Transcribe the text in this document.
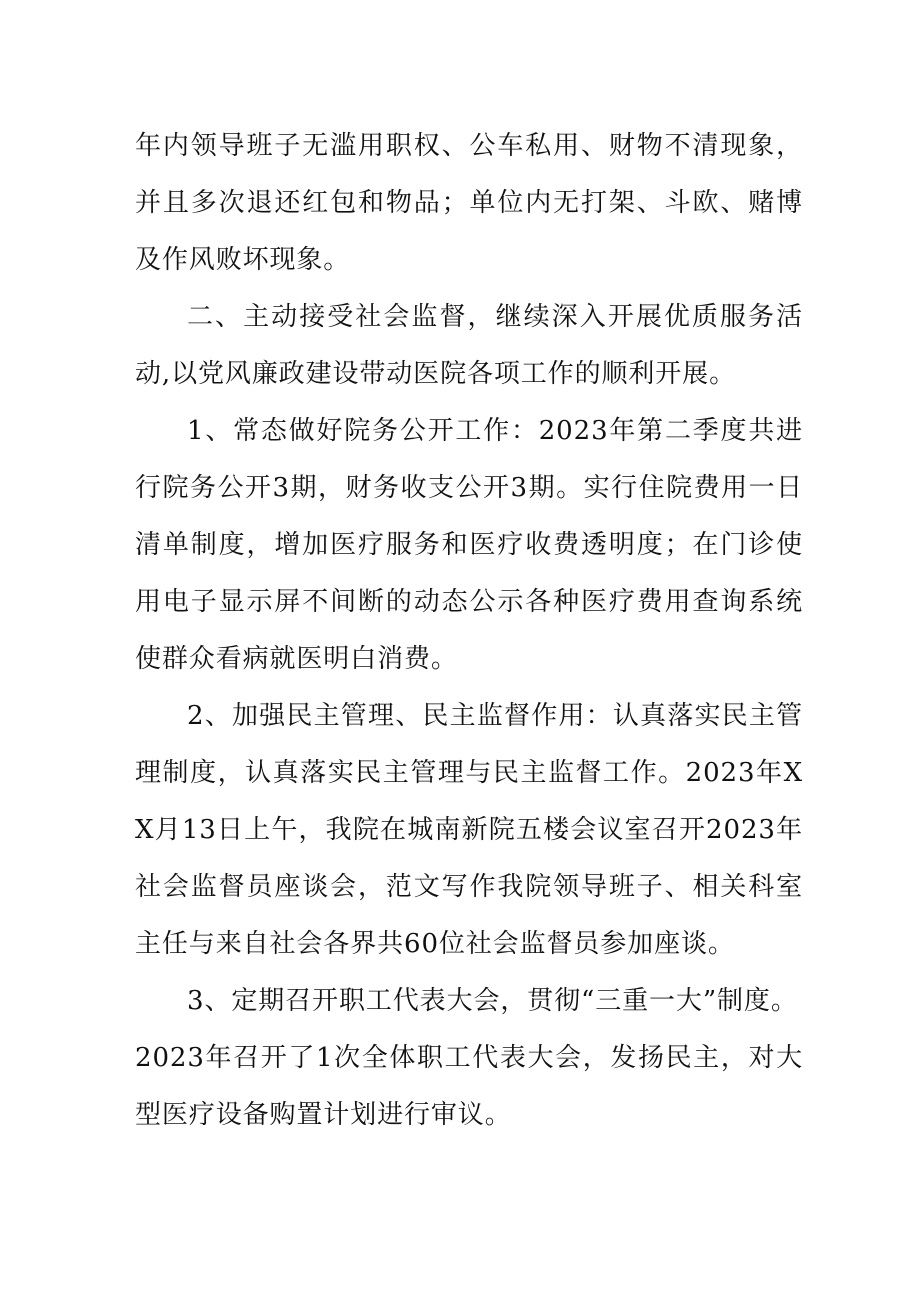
年内领导班子无滥用职权、公车私用、财物不清现象，并且多次退还红包和物品；单位内无打架、斗欧、赌博及作风败坏现象。

二、主动接受社会监督，继续深入开展优质服务活动,以党风廉政建设带动医院各项工作的顺利开展。

1、常态做好院务公开工作：2023年第二季度共进行院务公开3期，财务收支公开3期。实行住院费用一日清单制度，增加医疗服务和医疗收费透明度；在门诊使用电子显示屏不间断的动态公示各种医疗费用查询系统使群众看病就医明白消费。

2、加强民主管理、民主监督作用：认真落实民主管理制度，认真落实民主管理与民主监督工作。2023年XX月13日上午，我院在城南新院五楼会议室召开2023年社会监督员座谈会，范文写作我院领导班子、相关科室主任与来自社会各界共60位社会监督员参加座谈。

3、定期召开职工代表大会，贯彻“三重一大”制度。

2023年召开了1次全体职工代表大会，发扬民主，对大型医疗设备购置计划进行审议。
